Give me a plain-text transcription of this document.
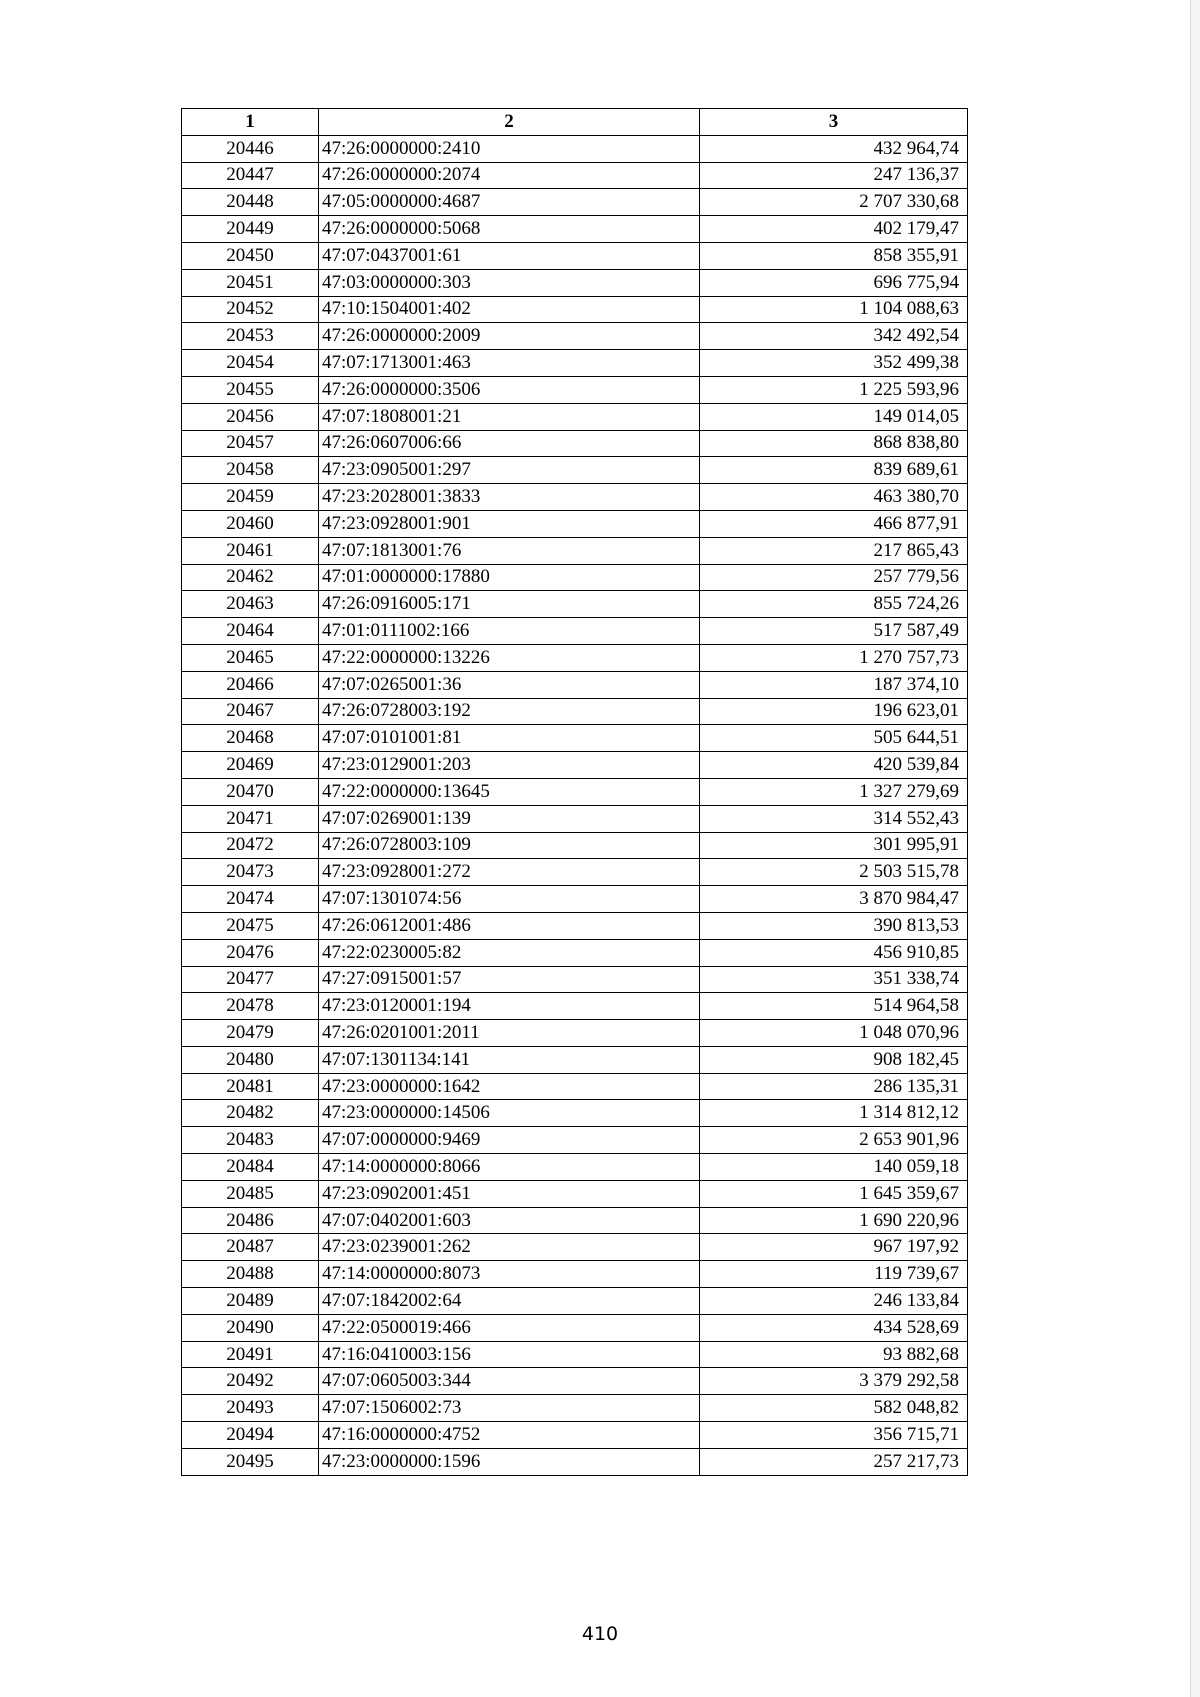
1	2	3
20446	47:26:0000000:2410	432 964,74
20447	47:26:0000000:2074	247 136,37
20448	47:05:0000000:4687	2 707 330,68
20449	47:26:0000000:5068	402 179,47
20450	47:07:0437001:61	858 355,91
20451	47:03:0000000:303	696 775,94
20452	47:10:1504001:402	1 104 088,63
20453	47:26:0000000:2009	342 492,54
20454	47:07:1713001:463	352 499,38
20455	47:26:0000000:3506	1 225 593,96
20456	47:07:1808001:21	149 014,05
20457	47:26:0607006:66	868 838,80
20458	47:23:0905001:297	839 689,61
20459	47:23:2028001:3833	463 380,70
20460	47:23:0928001:901	466 877,91
20461	47:07:1813001:76	217 865,43
20462	47:01:0000000:17880	257 779,56
20463	47:26:0916005:171	855 724,26
20464	47:01:0111002:166	517 587,49
20465	47:22:0000000:13226	1 270 757,73
20466	47:07:0265001:36	187 374,10
20467	47:26:0728003:192	196 623,01
20468	47:07:0101001:81	505 644,51
20469	47:23:0129001:203	420 539,84
20470	47:22:0000000:13645	1 327 279,69
20471	47:07:0269001:139	314 552,43
20472	47:26:0728003:109	301 995,91
20473	47:23:0928001:272	2 503 515,78
20474	47:07:1301074:56	3 870 984,47
20475	47:26:0612001:486	390 813,53
20476	47:22:0230005:82	456 910,85
20477	47:27:0915001:57	351 338,74
20478	47:23:0120001:194	514 964,58
20479	47:26:0201001:2011	1 048 070,96
20480	47:07:1301134:141	908 182,45
20481	47:23:0000000:1642	286 135,31
20482	47:23:0000000:14506	1 314 812,12
20483	47:07:0000000:9469	2 653 901,96
20484	47:14:0000000:8066	140 059,18
20485	47:23:0902001:451	1 645 359,67
20486	47:07:0402001:603	1 690 220,96
20487	47:23:0239001:262	967 197,92
20488	47:14:0000000:8073	119 739,67
20489	47:07:1842002:64	246 133,84
20490	47:22:0500019:466	434 528,69
20491	47:16:0410003:156	93 882,68
20492	47:07:0605003:344	3 379 292,58
20493	47:07:1506002:73	582 048,82
20494	47:16:0000000:4752	356 715,71
20495	47:23:0000000:1596	257 217,73
410
